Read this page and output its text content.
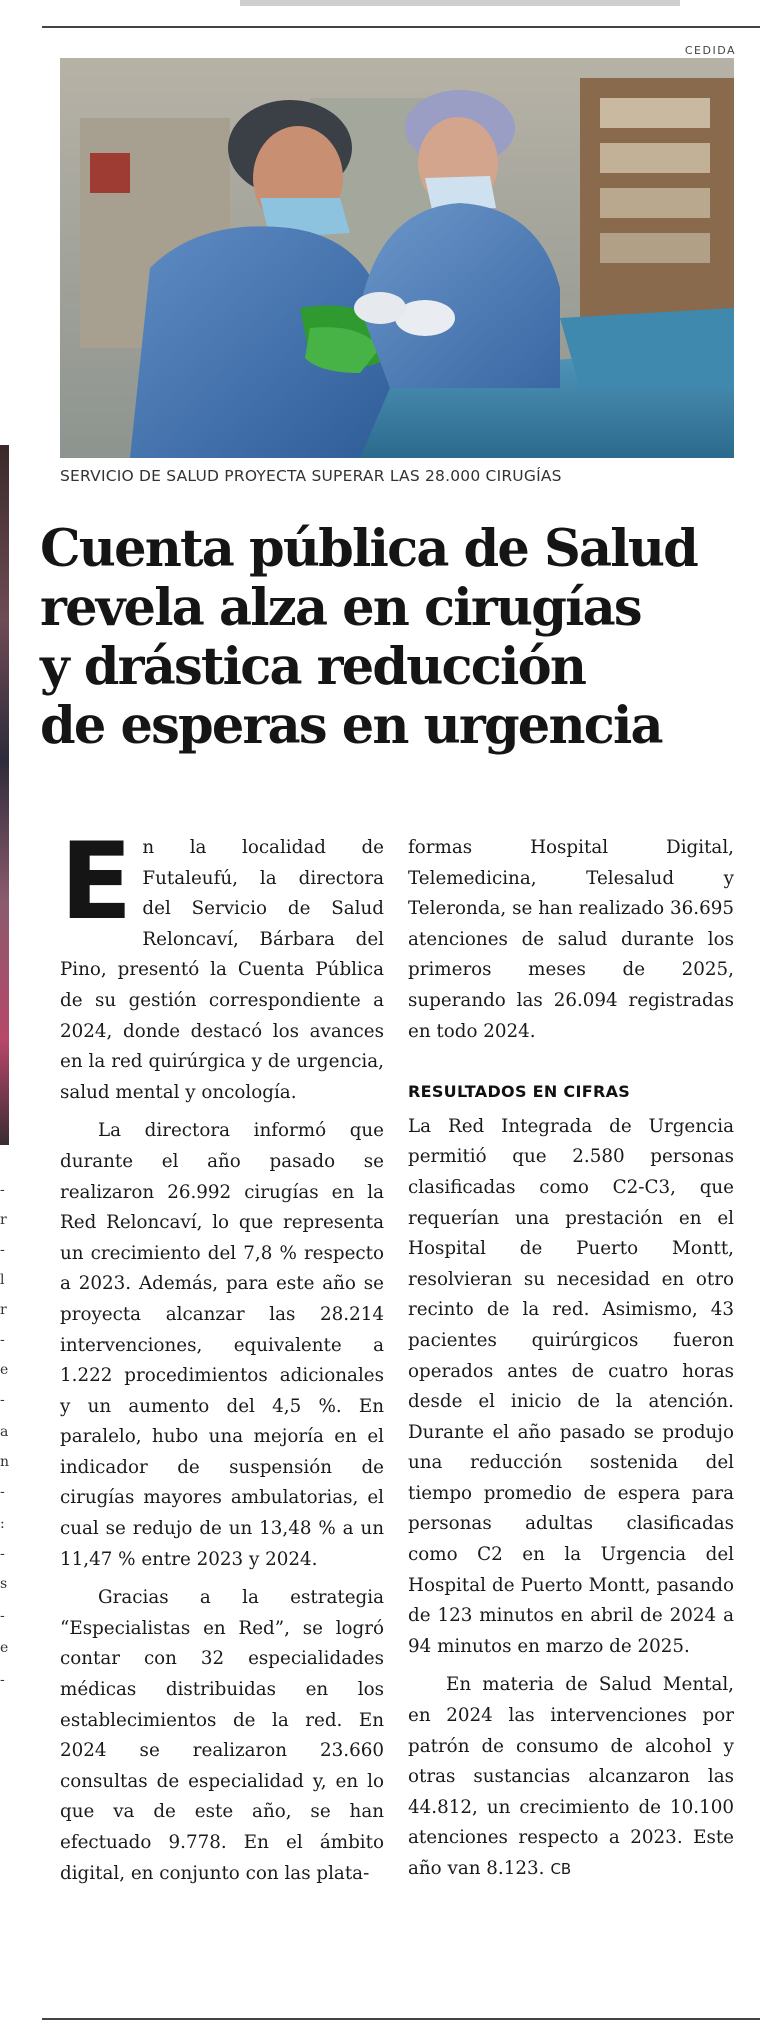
-
r
-
l
r
-
e
-
a
n
-
:
-
s
-
e
-
CEDIDA
SERVICIO DE SALUD PROYECTA SUPERAR LAS 28.000 CIRUGÍAS
Cuenta pública de Salud
revela alza en cirugías
y drástica reducción
de esperas en urgencia

En la localidad de Futaleufú, la directora del Servicio de Salud Reloncaví, Bárbara del Pino, presentó la Cuenta Pública de su gestión correspondiente a 2024, donde destacó los avances en la red quirúrgica y de urgencia, salud mental y oncología.

La directora informó que durante el año pasado se realizaron 26.992 cirugías en la Red Reloncaví, lo que representa un crecimiento del 7,8 % respecto a 2023. Además, para este año se proyecta alcanzar las 28.214 intervenciones, equivalente a 1.222 procedimientos adicionales y un aumento del 4,5 %. En paralelo, hubo una mejoría en el indicador de suspensión de cirugías mayores ambulatorias, el cual se redujo de un 13,48 % a un 11,47 % entre 2023 y 2024.

Gracias a la estrategia “Especialistas en Red”, se logró contar con 32 especialidades médicas distribuidas en los establecimientos de la red. En 2024 se realizaron 23.660 consultas de especialidad y, en lo que va de este año, se han efectuado 9.778. En el ámbito digital, en conjunto con las plata-

formas Hospital Digital, Telemedicina, Telesalud y Teleronda, se han realizado 36.695 atenciones de salud durante los primeros meses de 2025, superando las 26.094 registradas en todo 2024.

RESULTADOS EN CIFRAS

La Red Integrada de Urgencia permitió que 2.580 personas clasificadas como C2-C3, que requerían una prestación en el Hospital de Puerto Montt, resolvieran su necesidad en otro recinto de la red. Asimismo, 43 pacientes quirúrgicos fueron operados antes de cuatro horas desde el inicio de la atención. Durante el año pasado se produjo una reducción sostenida del tiempo promedio de espera para personas adultas clasificadas como C2 en la Urgencia del Hospital de Puerto Montt, pasando de 123 minutos en abril de 2024 a 94 minutos en marzo de 2025.

En materia de Salud Mental, en 2024 las intervenciones por patrón de consumo de alcohol y otras sustancias alcanzaron las 44.812, un crecimiento de 10.100 atenciones respecto a 2023. Este año van 8.123. CB
